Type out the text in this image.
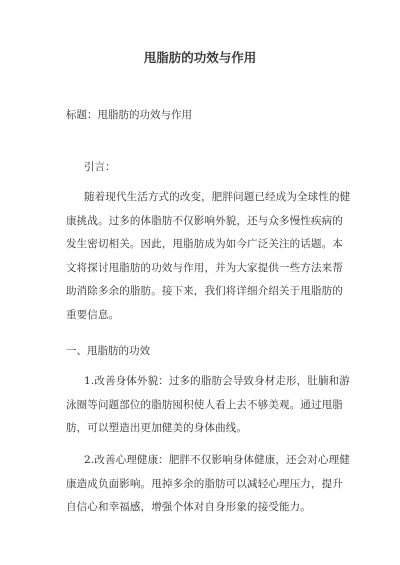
甩脂肪的功效与作用
标题：甩脂肪的功效与作用
引言：
随着现代生活方式的改变，肥胖问题已经成为全球性的健康挑战。过多的体脂肪不仅影响外貌，还与众多慢性疾病的发生密切相关。因此，甩脂肪成为如今广泛关注的话题。本文将探讨甩脂肪的功效与作用，并为大家提供一些方法来帮助消除多余的脂肪。接下来，我们将详细介绍关于甩脂肪的重要信息。
一、甩脂肪的功效
1.改善身体外貌：过多的脂肪会导致身材走形，肚腩和游泳圈等问题部位的脂肪囤积使人看上去不够美观。通过甩脂肪，可以塑造出更加健美的身体曲线。
2.改善心理健康：肥胖不仅影响身体健康，还会对心理健康造成负面影响。甩掉多余的脂肪可以减轻心理压力，提升自信心和幸福感，增强个体对自身形象的接受能力。
